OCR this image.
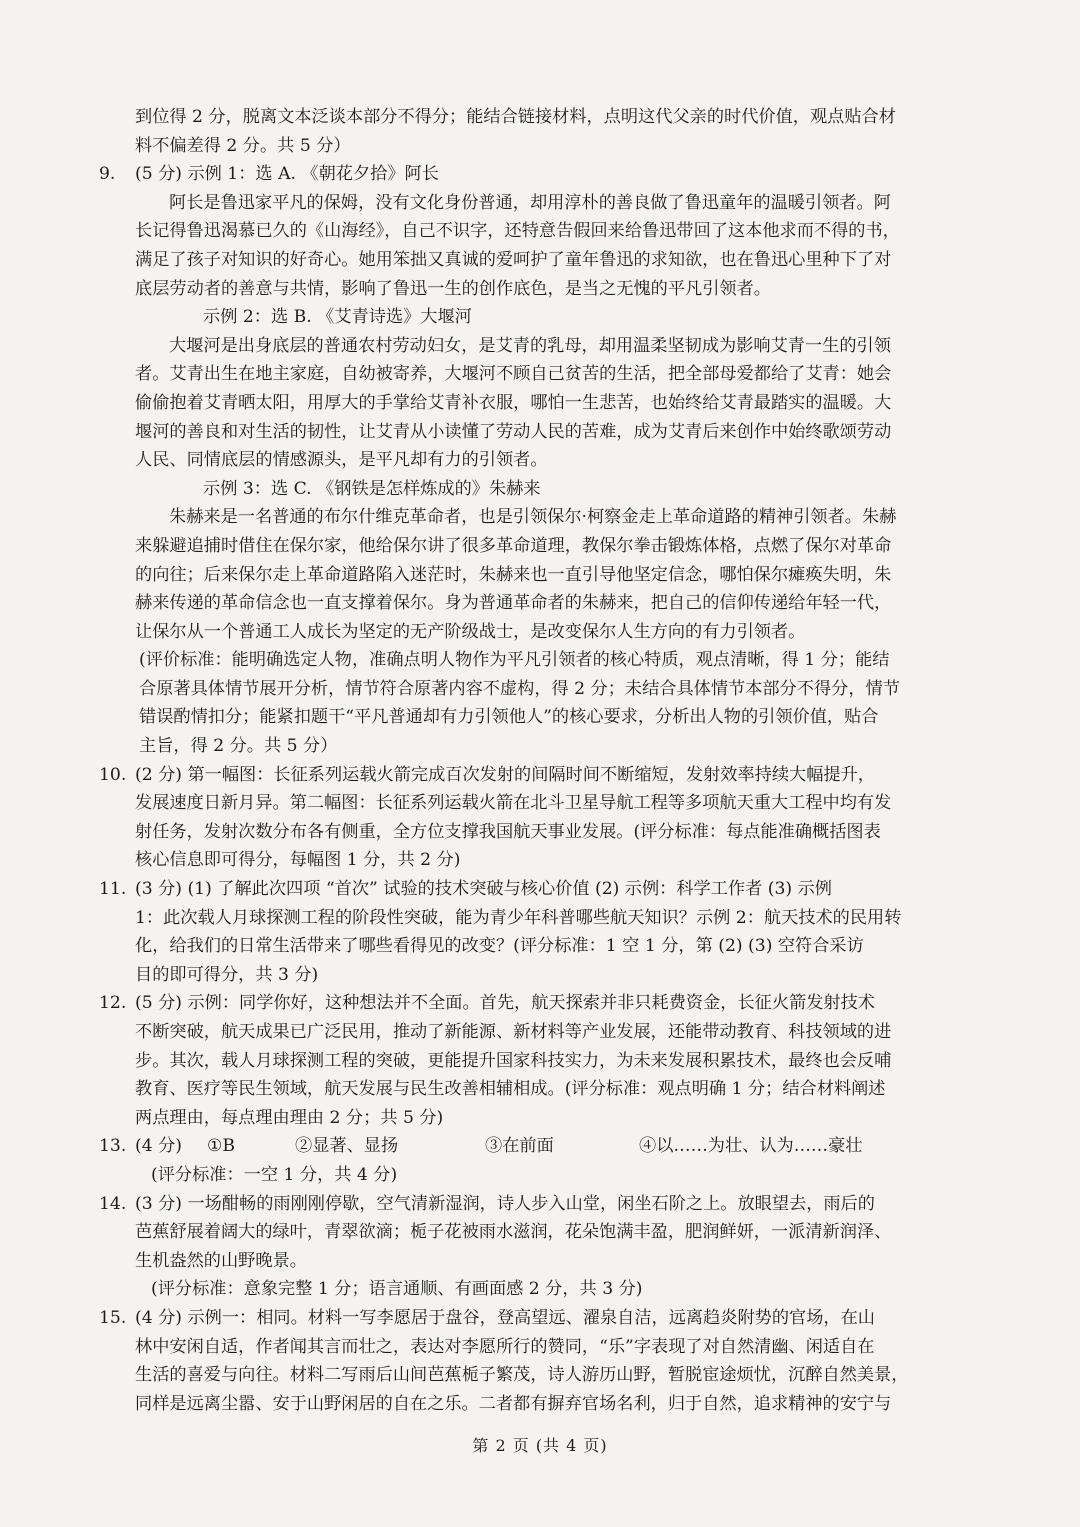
到位得 2 分，脱离文本泛谈本部分不得分；能结合链接材料，点明这代父亲的时代价值，观点贴合材
料不偏差得 2 分。共 5 分）
9.	(5 分) 示例 1：选 A. 《朝花夕拾》阿长
阿长是鲁迅家平凡的保姆，没有文化身份普通，却用淳朴的善良做了鲁迅童年的温暖引领者。阿
长记得鲁迅渴慕已久的《山海经》，自己不识字，还特意告假回来给鲁迅带回了这本他求而不得的书，
满足了孩子对知识的好奇心。她用笨拙又真诚的爱呵护了童年鲁迅的求知欲，也在鲁迅心里种下了对
底层劳动者的善意与共情，影响了鲁迅一生的创作底色，是当之无愧的平凡引领者。
示例 2：选 B. 《艾青诗选》大堰河
大堰河是出身底层的普通农村劳动妇女，是艾青的乳母，却用温柔坚韧成为影响艾青一生的引领
者。艾青出生在地主家庭，自幼被寄养，大堰河不顾自己贫苦的生活，把全部母爱都给了艾青：她会
偷偷抱着艾青晒太阳，用厚大的手掌给艾青补衣服，哪怕一生悲苦，也始终给艾青最踏实的温暖。大
堰河的善良和对生活的韧性，让艾青从小读懂了劳动人民的苦难，成为艾青后来创作中始终歌颂劳动
人民、同情底层的情感源头，是平凡却有力的引领者。
示例 3：选 C. 《钢铁是怎样炼成的》朱赫来
朱赫来是一名普通的布尔什维克革命者，也是引领保尔·柯察金走上革命道路的精神引领者。朱赫
来躲避追捕时借住在保尔家，他给保尔讲了很多革命道理，教保尔拳击锻炼体格，点燃了保尔对革命
的向往；后来保尔走上革命道路陷入迷茫时，朱赫来也一直引导他坚定信念，哪怕保尔瘫痪失明，朱
赫来传递的革命信念也一直支撑着保尔。身为普通革命者的朱赫来，把自己的信仰传递给年轻一代，
让保尔从一个普通工人成长为坚定的无产阶级战士，是改变保尔人生方向的有力引领者。
(评价标准：能明确选定人物，准确点明人物作为平凡引领者的核心特质，观点清晰，得 1 分；能结
合原著具体情节展开分析，情节符合原著内容不虚构，得 2 分；未结合具体情节本部分不得分，情节
错误酌情扣分；能紧扣题干“平凡普通却有力引领他人”的核心要求，分析出人物的引领价值，贴合
主旨，得 2 分。共 5 分）
10. (2 分) 第一幅图：长征系列运载火箭完成百次发射的间隔时间不断缩短，发射效率持续大幅提升，
发展速度日新月异。第二幅图：长征系列运载火箭在北斗卫星导航工程等多项航天重大工程中均有发
射任务，发射次数分布各有侧重，全方位支撑我国航天事业发展。(评分标准：每点能准确概括图表
核心信息即可得分，每幅图 1 分，共 2 分)
11. (3 分) (1) 了解此次四项 “首次” 试验的技术突破与核心价值 (2) 示例：科学工作者 (3) 示例
1：此次载人月球探测工程的阶段性突破，能为青少年科普哪些航天知识？示例 2：航天技术的民用转
化，给我们的日常生活带来了哪些看得见的改变？(评分标准：1 空 1 分，第 (2) (3) 空符合采访
目的即可得分，共 3 分)
12. (5 分) 示例：同学你好，这种想法并不全面。首先，航天探索并非只耗费资金，长征火箭发射技术
不断突破，航天成果已广泛民用，推动了新能源、新材料等产业发展，还能带动教育、科技领域的进
步。其次，载人月球探测工程的突破，更能提升国家科技实力，为未来发展积累技术，最终也会反哺
教育、医疗等民生领域，航天发展与民生改善相辅相成。(评分标准：观点明确 1 分；结合材料阐述
两点理由，每点理由理由 2 分；共 5 分)
13. (4 分)	①B	②显著、显扬	③在前面	④以……为壮、认为……豪壮
(评分标准：一空 1 分，共 4 分)
14. (3 分) 一场酣畅的雨刚刚停歇，空气清新湿润，诗人步入山堂，闲坐石阶之上。放眼望去，雨后的
芭蕉舒展着阔大的绿叶，青翠欲滴；栀子花被雨水滋润，花朵饱满丰盈，肥润鲜妍，一派清新润泽、
生机盎然的山野晚景。
(评分标准：意象完整 1 分；语言通顺、有画面感 2 分，共 3 分)
15. (4 分) 示例一：相同。材料一写李愿居于盘谷，登高望远、濯泉自洁，远离趋炎附势的官场，在山
林中安闲自适，作者闻其言而壮之，表达对李愿所行的赞同，“乐”字表现了对自然清幽、闲适自在
生活的喜爱与向往。材料二写雨后山间芭蕉栀子繁茂，诗人游历山野，暂脱宦途烦忧，沉醉自然美景，
同样是远离尘嚣、安于山野闲居的自在之乐。二者都有摒弃官场名利，归于自然，追求精神的安宁与
第 2 页 (共 4 页)
